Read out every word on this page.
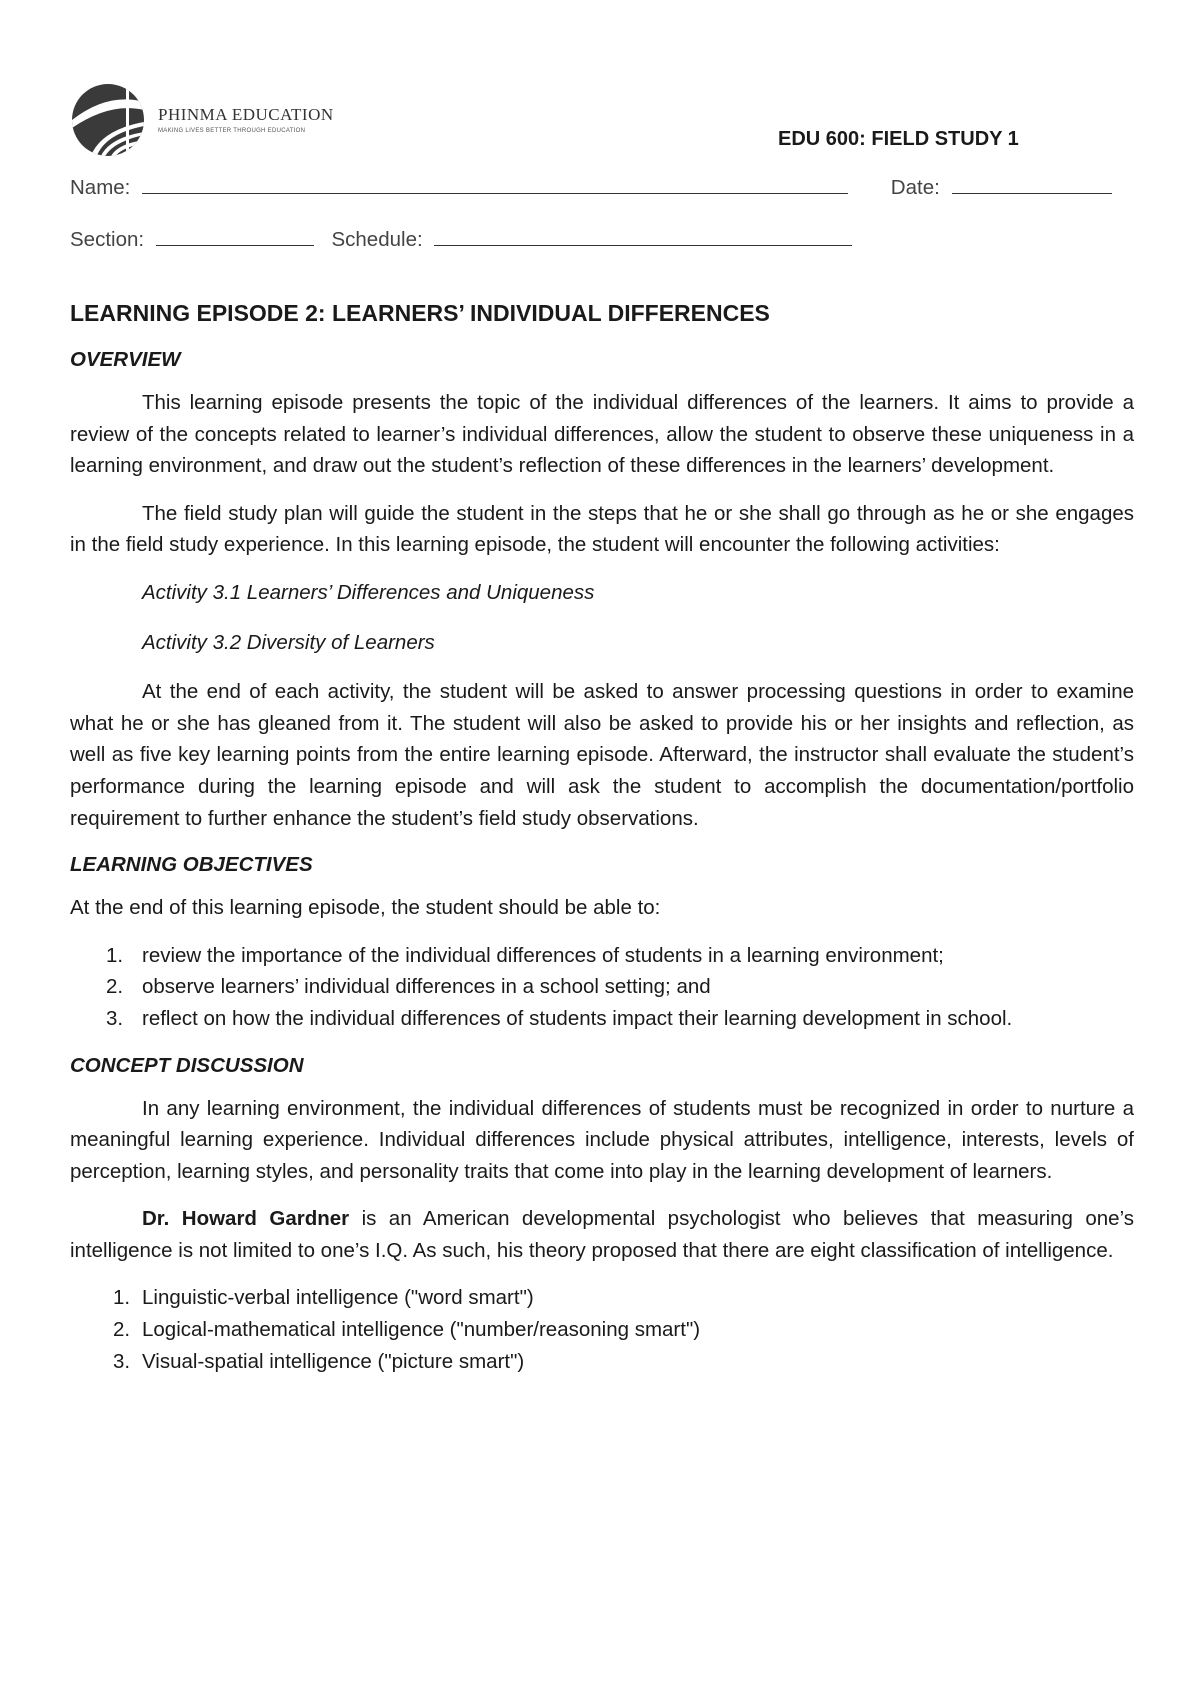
PHINMA EDUCATION
MAKING LIVES BETTER THROUGH EDUCATION	EDU 600: FIELD STUDY 1
Name:	Date:
Section:	Schedule:
LEARNING EPISODE 2: LEARNERS’ INDIVIDUAL DIFFERENCES
OVERVIEW

This learning episode presents the topic of the individual differences of the learners. It aims to provide a review of the concepts related to learner’s individual differences, allow the student to observe these uniqueness in a learning environment, and draw out the student’s reflection of these differences in the learners’ development.

The field study plan will guide the student in the steps that he or she shall go through as he or she engages in the field study experience. In this learning episode, the student will encounter the following activities:

Activity 3.1 Learners’ Differences and Uniqueness

Activity 3.2 Diversity of Learners

At the end of each activity, the student will be asked to answer processing questions in order to examine what he or she has gleaned from it. The student will also be asked to provide his or her insights and reflection, as well as five key learning points from the entire learning episode. Afterward, the instructor shall evaluate the student’s performance during the learning episode and will ask the student to accomplish the documentation/portfolio requirement to further enhance the student’s field study observations.

LEARNING OBJECTIVES

At the end of this learning episode, the student should be able to:

1. review the importance of the individual differences of students in a learning environment;
2. observe learners’ individual differences in a school setting; and
3. reflect on how the individual differences of students impact their learning development in school.
CONCEPT DISCUSSION

In any learning environment, the individual differences of students must be recognized in order to nurture a meaningful learning experience. Individual differences include physical attributes, intelligence, interests, levels of perception, learning styles, and personality traits that come into play in the learning development of learners.

Dr. Howard Gardner is an American developmental psychologist who believes that measuring one’s intelligence is not limited to one’s I.Q. As such, his theory proposed that there are eight classification of intelligence.

1. Linguistic-verbal intelligence ("word smart")
2. Logical-mathematical intelligence ("number/reasoning smart")
3. Visual-spatial intelligence ("picture smart")
